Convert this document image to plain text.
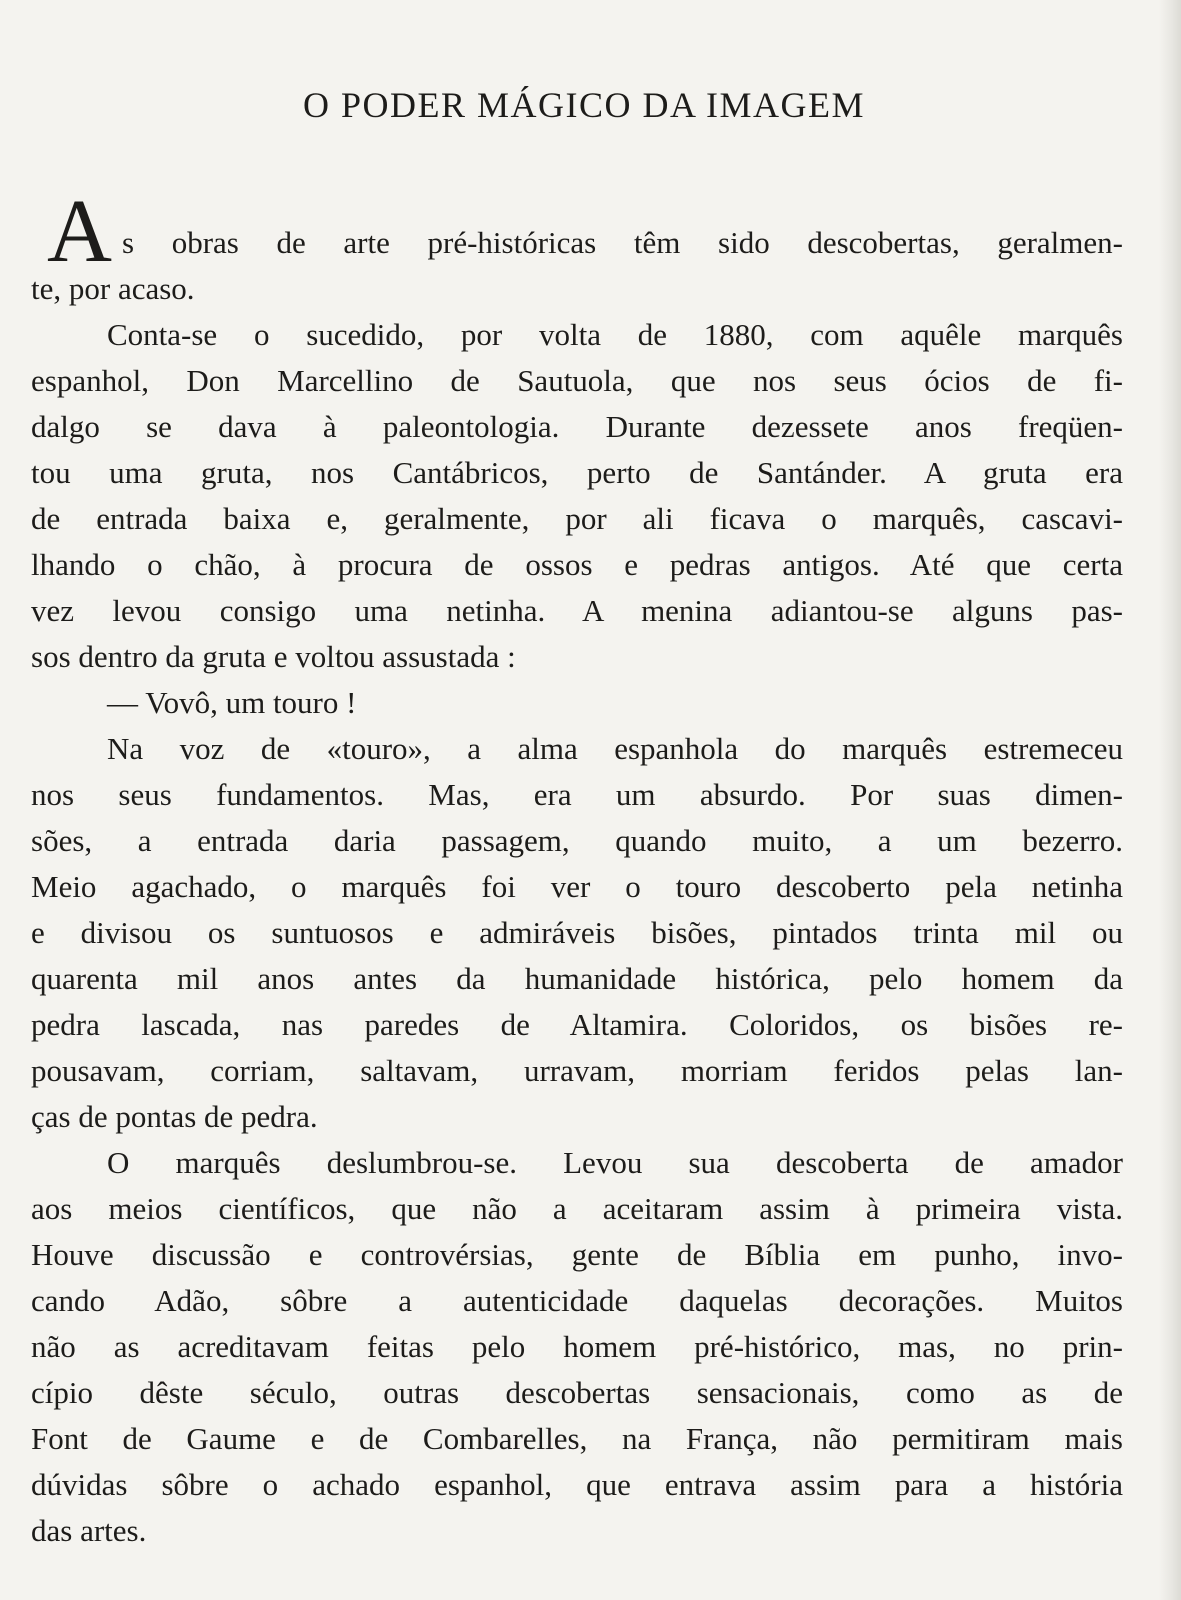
O PODER MÁGICO DA IMAGEM
A s obras de arte pré-históricas têm sido descobertas, geralmen-
te, por acaso.
Conta-se o sucedido, por volta de 1880, com aquêle marquês
espanhol, Don Marcellino de Sautuola, que nos seus ócios de fi-
dalgo se dava à paleontologia. Durante dezessete anos freqüen-
tou uma gruta, nos Cantábricos, perto de Santánder. A gruta era
de entrada baixa e, geralmente, por ali ficava o marquês, cascavi-
lhando o chão, à procura de ossos e pedras antigos. Até que certa
vez levou consigo uma netinha. A menina adiantou-se alguns pas-
sos dentro da gruta e voltou assustada :
— Vovô, um touro !
Na voz de «touro», a alma espanhola do marquês estremeceu
nos seus fundamentos. Mas, era um absurdo. Por suas dimen-
sões, a entrada daria passagem, quando muito, a um bezerro.
Meio agachado, o marquês foi ver o touro descoberto pela netinha
e divisou os suntuosos e admiráveis bisões, pintados trinta mil ou
quarenta mil anos antes da humanidade histórica, pelo homem da
pedra lascada, nas paredes de Altamira. Coloridos, os bisões re-
pousavam, corriam, saltavam, urravam, morriam feridos pelas lan-
ças de pontas de pedra.
O marquês deslumbrou-se. Levou sua descoberta de amador
aos meios científicos, que não a aceitaram assim à primeira vista.
Houve discussão e controvérsias, gente de Bíblia em punho, invo-
cando Adão, sôbre a autenticidade daquelas decorações. Muitos
não as acreditavam feitas pelo homem pré-histórico, mas, no prin-
cípio dêste século, outras descobertas sensacionais, como as de
Font de Gaume e de Combarelles, na França, não permitiram mais
dúvidas sôbre o achado espanhol, que entrava assim para a história
das artes.
